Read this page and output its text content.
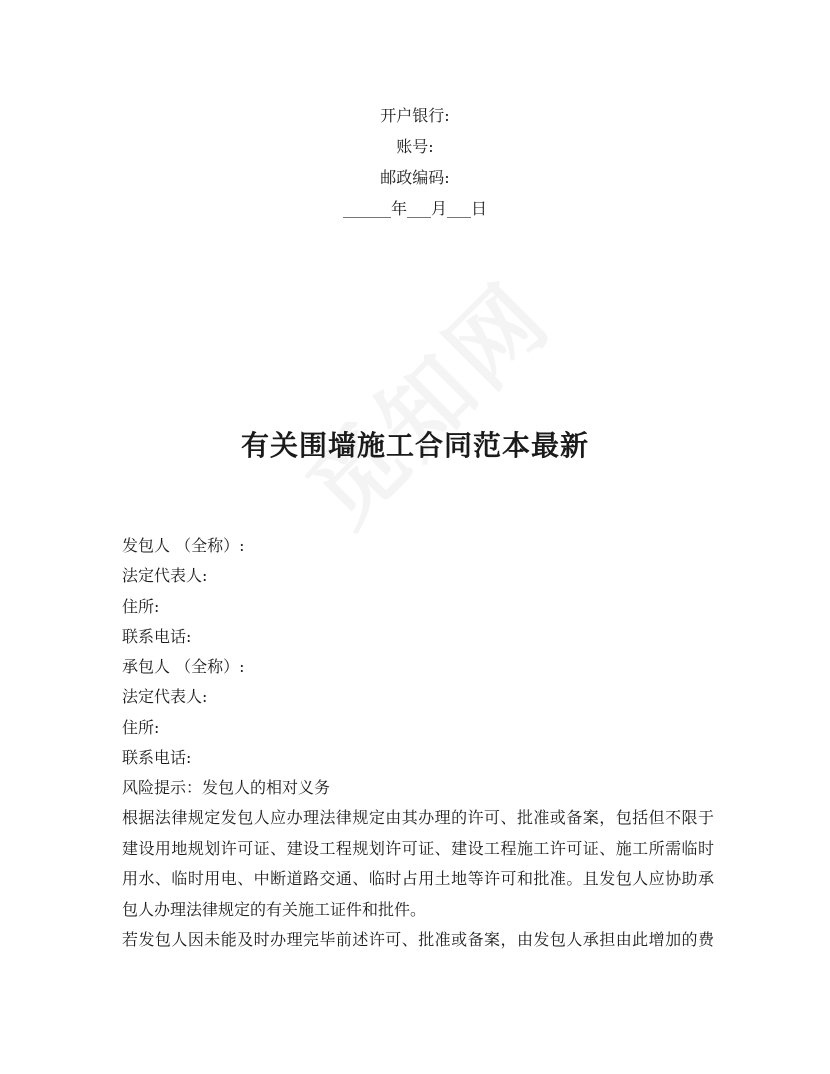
开户银行:
账号:
邮政编码:
______年___月___日
有关围墙施工合同范本最新
发包人 （全称）:
法定代表人:
住所:
联系电话:
承包人 （全称）:
法定代表人:
住所:
联系电话:
风险提示：发包人的相对义务

根据法律规定发包人应办理法律规定由其办理的许可、批准或备案，包括但不限于
建设用地规划许可证、建设工程规划许可证、建设工程施工许可证、施工所需临时
用水、临时用电、中断道路交通、临时占用土地等许可和批准。且发包人应协助承
包人办理法律规定的有关施工证件和批件。

若发包人因未能及时办理完毕前述许可、批准或备案，由发包人承担由此增加的费
